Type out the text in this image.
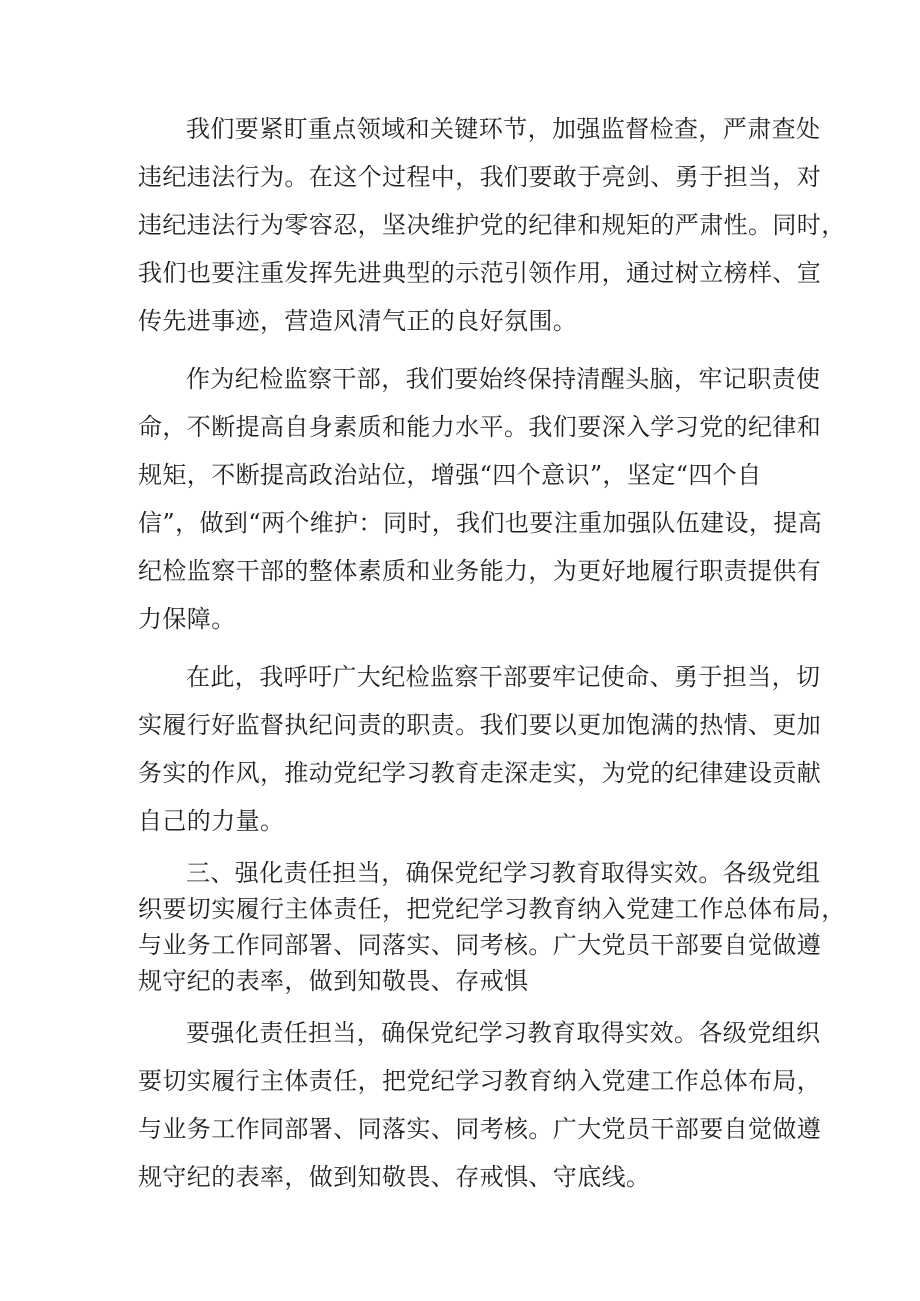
我们要紧盯重点领域和关键环节，加强监督检查，严肃查处
违纪违法行为。在这个过程中，我们要敢于亮剑、勇于担当，对
违纪违法行为零容忍，坚决维护党的纪律和规矩的严肃性。同时，
我们也要注重发挥先进典型的示范引领作用，通过树立榜样、宣
传先进事迹，营造风清气正的良好氛围。
作为纪检监察干部，我们要始终保持清醒头脑，牢记职责使
命，不断提高自身素质和能力水平。我们要深入学习党的纪律和
规矩，不断提高政治站位，增强“四个意识”，坚定“四个自
信”，做到“两个维护：同时，我们也要注重加强队伍建设，提高
纪检监察干部的整体素质和业务能力，为更好地履行职责提供有
力保障。
在此，我呼吁广大纪检监察干部要牢记使命、勇于担当，切
实履行好监督执纪问责的职责。我们要以更加饱满的热情、更加
务实的作风，推动党纪学习教育走深走实，为党的纪律建设贡献
自己的力量。
三、强化责任担当，确保党纪学习教育取得实效。各级党组
织要切实履行主体责任，把党纪学习教育纳入党建工作总体布局，
与业务工作同部署、同落实、同考核。广大党员干部要自觉做遵
规守纪的表率，做到知敬畏、存戒惧
要强化责任担当，确保党纪学习教育取得实效。各级党组织
要切实履行主体责任，把党纪学习教育纳入党建工作总体布局，
与业务工作同部署、同落实、同考核。广大党员干部要自觉做遵
规守纪的表率，做到知敬畏、存戒惧、守底线。
